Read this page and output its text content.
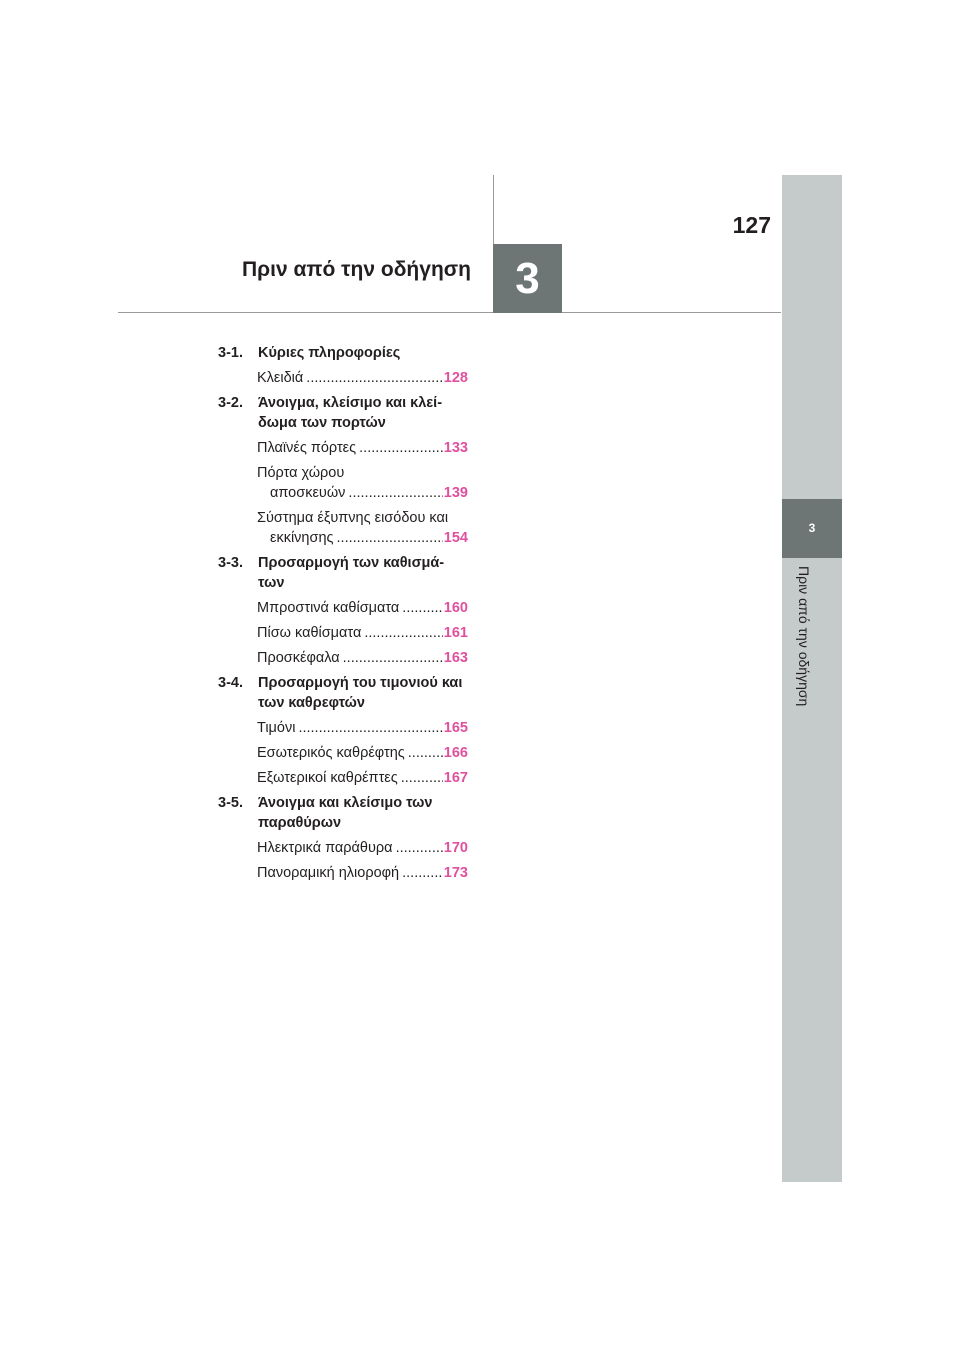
127
Πριν από την οδήγηση	3
3
Πριν από την οδήγηση
3-1.	Κύριες πληροφορίες
Κλειδιά .....	128
3-2.	Άνοιγμα, κλείσιμο και κλεί-δωμα των πορτών
Πλαϊνές πόρτες .....	133
Πόρτα χώρου
αποσκευών .....	139
Σύστημα έξυπνης εισόδου και
εκκίνησης .....	154
3-3.	Προσαρμογή των καθισμά-των
Μπροστινά καθίσματα .....	160
Πίσω καθίσματα .....	161
Προσκέφαλα .....	163
3-4.	Προσαρμογή του τιμονιού και των καθρεφτών
Τιμόνι .....	165
Εσωτερικός καθρέφτης .....	166
Εξωτερικοί καθρέπτες .....	167
3-5.	Άνοιγμα και κλείσιμο των παραθύρων
Ηλεκτρικά παράθυρα .....	170
Πανοραμική ηλιοροφή .....	173
